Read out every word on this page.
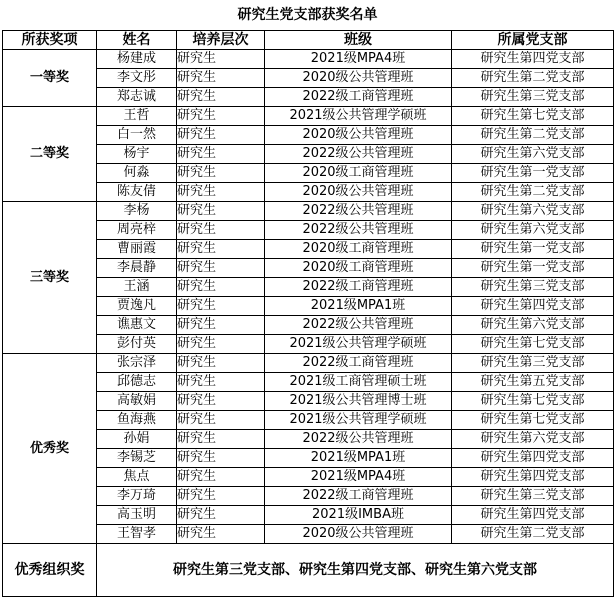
研究生党支部获奖名单
所获奖项	姓名	培养层次	班级	所属党支部
一等奖	杨建成	研究生	2021级MPA4班	研究生第四党支部
	李文彤	研究生	2020级公共管理班	研究生第二党支部
	郑志诚	研究生	2022级工商管理班	研究生第三党支部
二等奖	王哲	研究生	2021级公共管理学硕班	研究生第七党支部
	白一然	研究生	2020级公共管理班	研究生第二党支部
	杨宇	研究生	2022级公共管理班	研究生第六党支部
	何淼	研究生	2020级工商管理班	研究生第一党支部
	陈友倩	研究生	2020级公共管理班	研究生第二党支部
三等奖	李杨	研究生	2022级公共管理班	研究生第六党支部
	周亮梓	研究生	2022级公共管理班	研究生第六党支部
	曹丽霞	研究生	2020级工商管理班	研究生第一党支部
	李晨静	研究生	2020级工商管理班	研究生第一党支部
	王涵	研究生	2022级工商管理班	研究生第三党支部
	贾逸凡	研究生	2021级MPA1班	研究生第四党支部
	谯惠文	研究生	2022级公共管理班	研究生第六党支部
	彭付英	研究生	2021级公共管理学硕班	研究生第七党支部
优秀奖	张宗泽	研究生	2022级工商管理班	研究生第三党支部
	邱德志	研究生	2021级工商管理硕士班	研究生第五党支部
	高敏娟	研究生	2021级公共管理博士班	研究生第七党支部
	鱼海燕	研究生	2021级公共管理学硕班	研究生第七党支部
	孙娟	研究生	2022级公共管理班	研究生第六党支部
	李锡芝	研究生	2021级MPA1班	研究生第四党支部
	焦点	研究生	2021级MPA4班	研究生第四党支部
	李万琦	研究生	2022级工商管理班	研究生第三党支部
	高玉明	研究生	2021级IMBA班	研究生第四党支部
	王智孝	研究生	2020级公共管理班	研究生第二党支部
优秀组织奖	研究生第三党支部、研究生第四党支部、研究生第六党支部			
